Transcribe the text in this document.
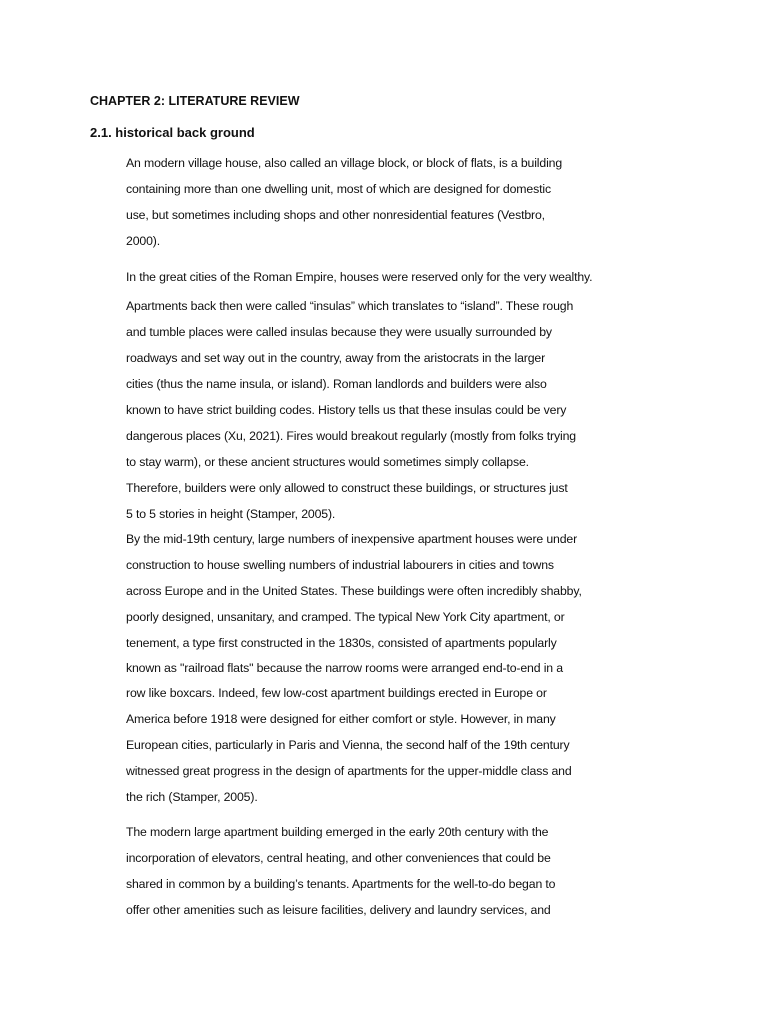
CHAPTER 2: LITERATURE REVIEW
2.1. historical back ground
An modern village house, also called an village block, or block of flats, is a building
containing more than one dwelling unit, most of which are designed for domestic
use, but sometimes including shops and other nonresidential features (Vestbro,
2000).
In the great cities of the Roman Empire, houses were reserved only for the very wealthy.
Apartments back then were called “insulas” which translates to “island”. These rough
and tumble places were called insulas because they were usually surrounded by
roadways and set way out in the country, away from the aristocrats in the larger
cities (thus the name insula, or island). Roman landlords and builders were also
known to have strict building codes. History tells us that these insulas could be very
dangerous places (Xu, 2021). Fires would breakout regularly (mostly from folks trying
to stay warm), or these ancient structures would sometimes simply collapse.
Therefore, builders were only allowed to construct these buildings, or structures just
5 to 5 stories in height (Stamper, 2005).
By the mid-19th century, large numbers of inexpensive apartment houses were under
construction to house swelling numbers of industrial labourers in cities and towns
across Europe and in the United States. These buildings were often incredibly shabby,
poorly designed, unsanitary, and cramped. The typical New York City apartment, or
tenement, a type first constructed in the 1830s, consisted of apartments popularly
known as "railroad flats" because the narrow rooms were arranged end-to-end in a
row like boxcars. Indeed, few low-cost apartment buildings erected in Europe or
America before 1918 were designed for either comfort or style. However, in many
European cities, particularly in Paris and Vienna, the second half of the 19th century
witnessed great progress in the design of apartments for the upper-middle class and
the rich (Stamper, 2005).
The modern large apartment building emerged in the early 20th century with the
incorporation of elevators, central heating, and other conveniences that could be
shared in common by a building’s tenants. Apartments for the well-to-do began to
offer other amenities such as leisure facilities, delivery and laundry services, and
